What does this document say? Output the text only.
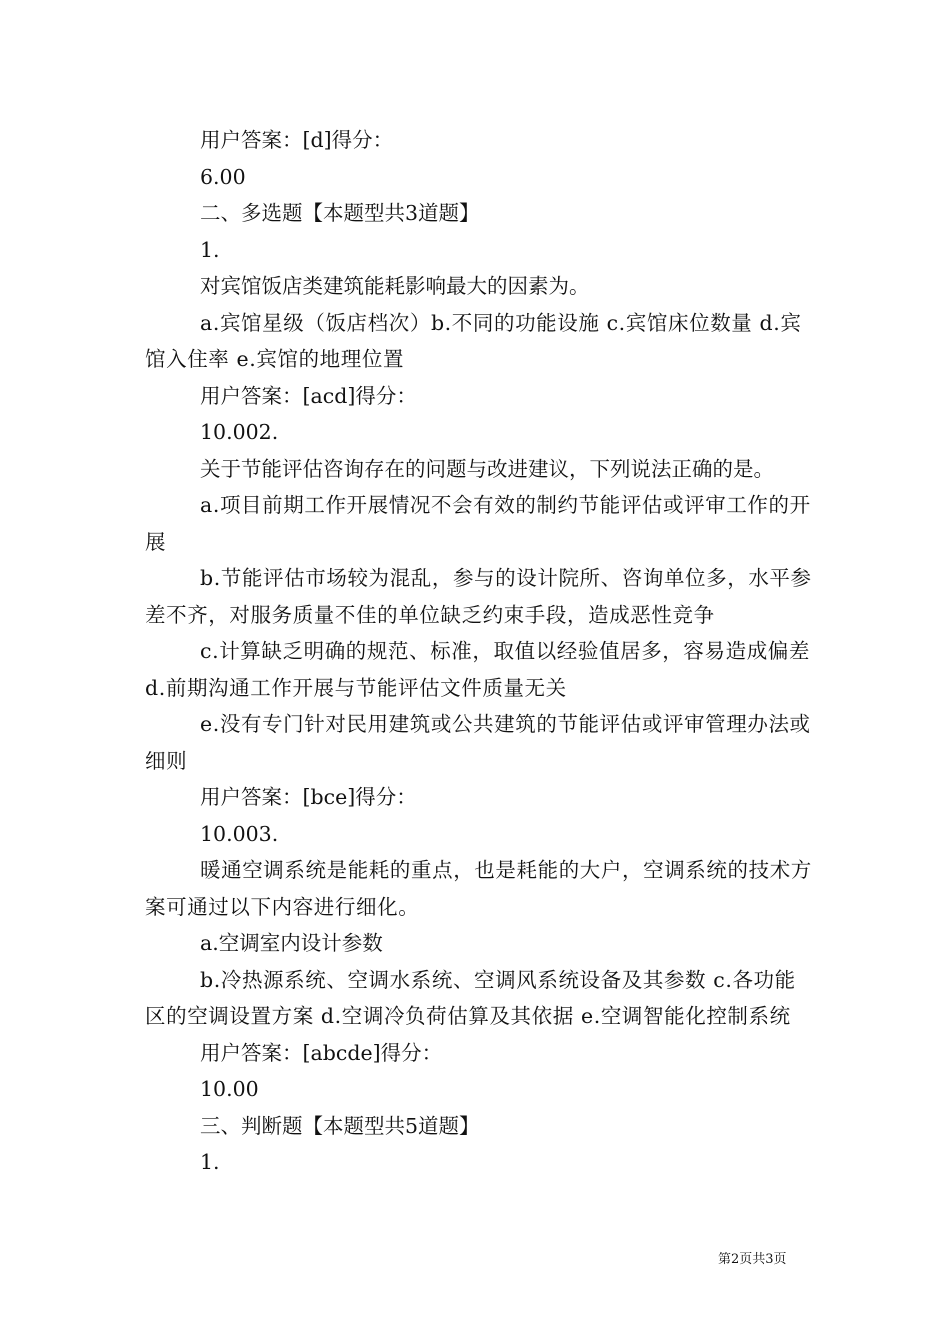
用户答案：[d]得分：
6.00
二、多选题【本题型共3道题】
1.
对宾馆饭店类建筑能耗影响最大的因素为。
a.宾馆星级（饭店档次）b.不同的功能设施 c.宾馆床位数量 d.宾馆入住率 e.宾馆的地理位置
用户答案：[acd]得分：
10.002.
关于节能评估咨询存在的问题与改进建议，下列说法正确的是。
a.项目前期工作开展情况不会有效的制约节能评估或评审工作的开展
b.节能评估市场较为混乱，参与的设计院所、咨询单位多，水平参差不齐，对服务质量不佳的单位缺乏约束手段，造成恶性竞争
c.计算缺乏明确的规范、标准，取值以经验值居多，容易造成偏差 d.前期沟通工作开展与节能评估文件质量无关
e.没有专门针对民用建筑或公共建筑的节能评估或评审管理办法或细则
用户答案：[bce]得分：
10.003.
暖通空调系统是能耗的重点，也是耗能的大户，空调系统的技术方案可通过以下内容进行细化。
a.空调室内设计参数
b.冷热源系统、空调水系统、空调风系统设备及其参数 c.各功能区的空调设置方案 d.空调冷负荷估算及其依据 e.空调智能化控制系统
用户答案：[abcde]得分：
10.00
三、判断题【本题型共5道题】
1.
第2页共3页
